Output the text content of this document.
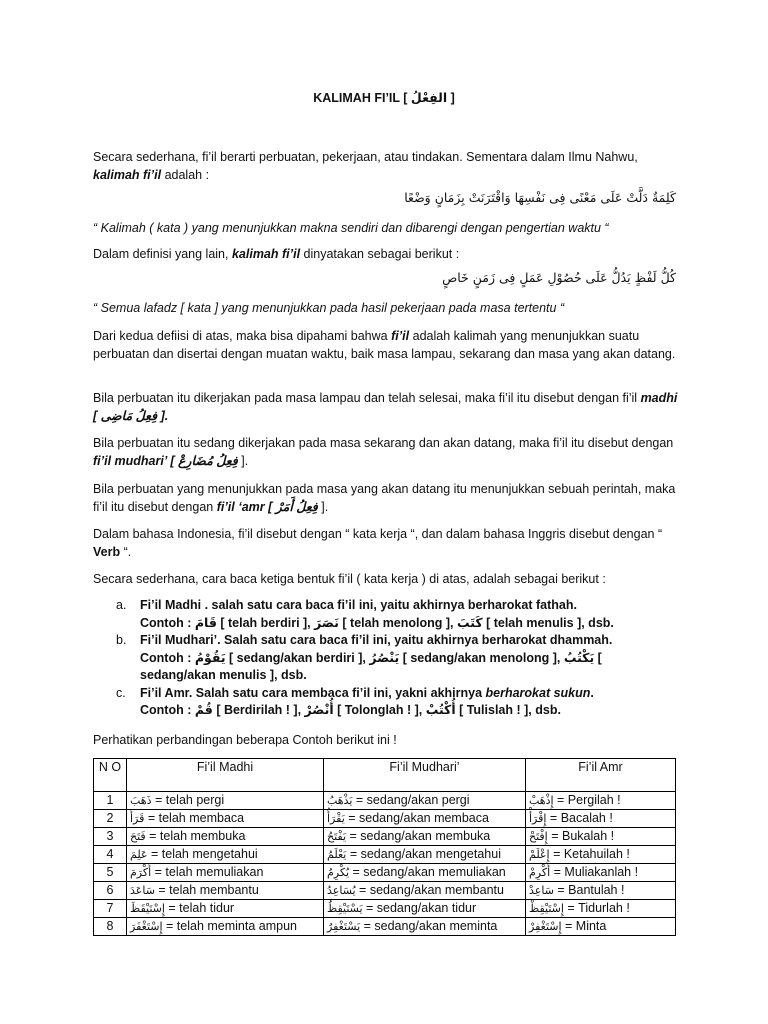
KALIMAH FI’IL [ الفِعْلُ ]
Secara sederhana, fi’il berarti perbuatan, pekerjaan, atau tindakan. Sementara dalam Ilmu Nahwu,
kalimah fi’il adalah :
كَلِمَةٌ دَلَّتْ عَلَى مَعْنًى فِى نَفْسِهَا وَاقْتَرَنَتْ بِزَمَانٍ وَضْعًا
“ Kalimah ( kata ) yang menunjukkan makna sendiri dan dibarengi dengan pengertian waktu “
Dalam definisi yang lain, kalimah fi’il dinyatakan sebagai berikut :
كُلُّ لَفْظٍ يَدُلُّ عَلَى حُصُوْلِ عَمَلٍ فِى زَمَنٍ خَاصٍ
“ Semua lafadz [ kata ] yang menunjukkan pada hasil pekerjaan pada masa tertentu “
Dari kedua defiisi di atas, maka bisa dipahami bahwa fi’il adalah kalimah yang menunjukkan suatu perbuatan dan disertai dengan muatan waktu, baik masa lampau, sekarang dan masa yang akan datang.
Bila perbuatan itu dikerjakan pada masa lampau dan telah selesai, maka fi’il itu disebut dengan fi’il madhi [ فِعِلُ مَاضِى ].
Bila perbuatan itu sedang dikerjakan pada masa sekarang dan akan datang, maka fi’il itu disebut dengan fi’il mudhari’ [ فِعِلُ مُضَارِعْ ].
Bila perbuatan yang menunjukkan pada masa yang akan datang itu menunjukkan sebuah perintah, maka fi’il itu disebut dengan fi’il ‘amr [ فِعِلُ أَمَرْ ].
Dalam bahasa Indonesia, fi’il disebut dengan “ kata kerja “, dan dalam bahasa Inggris disebut dengan “ Verb “.
Secara sederhana, cara baca ketiga bentuk fi’il ( kata kerja ) di atas, adalah sebagai berikut :
a. Fi’il Madhi . salah satu cara baca fi’il ini, yaitu akhirnya berharokat fathah.
Contoh : قَامَ [ telah berdiri ], نَصَرَ [ telah menolong ], كَتَبَ [ telah menulis ], dsb.
b. Fi’il Mudhari’. Salah satu cara baca fi’il ini, yaitu akhirnya berharokat dhammah.
Contoh : يَقُوْمُ [ sedang/akan berdiri ], يَنْصُرُ [ sedang/akan menolong ], يَكْتُبُ [ sedang/akan menulis ], dsb.
c. Fi’il Amr. Salah satu cara membaca fi’il ini, yakni akhirnya berharokat sukun.
Contoh : قُمْ [ Berdirilah ! ], أُنْصُرْ [ Tolonglah ! ], أُكْتُبْ [ Tulislah ! ], dsb.
Perhatikan perbandingan beberapa Contoh berikut ini !
N O	Fi’il Madhi	Fi’il Mudhari’	Fi’il Amr
1	ذَهَبَ = telah pergi	يَذْهَبُ = sedang/akan pergi	إِذْهَبْ = Pergilah !
2	قَرَأَ = telah membaca	يَقْرَأُ = sedang/akan membaca	إِقْرَأْ = Bacalah !
3	فَتَحَ = telah membuka	يَفْتَحُ = sedang/akan membuka	إِفْتَحْ = Bukalah !
4	عَلِمَ = telah mengetahui	يَعْلَمُ = sedang/akan mengetahui	إِعْلَمْ = Ketahuilah !
5	أَكْرَمَ = telah memuliakan	يُكْرِمُ = sedang/akan memuliakan	أَكْرِمْ = Muliakanlah !
6	سَاعَدَ = telah membantu	يُسَاعِدُ = sedang/akan membantu	سَاعِدْ = Bantulah !
7	إِسْتَيْقَظَ = telah tidur	يَسْتَيْقِظُ = sedang/akan tidur	إِسْتَيْقِظْ = Tidurlah !
8	إِسْتَغْفَرَ = telah meminta ampun	يَسْتَغْفِرُ = sedang/akan meminta	إِسْتَغْفِرْ = Minta
